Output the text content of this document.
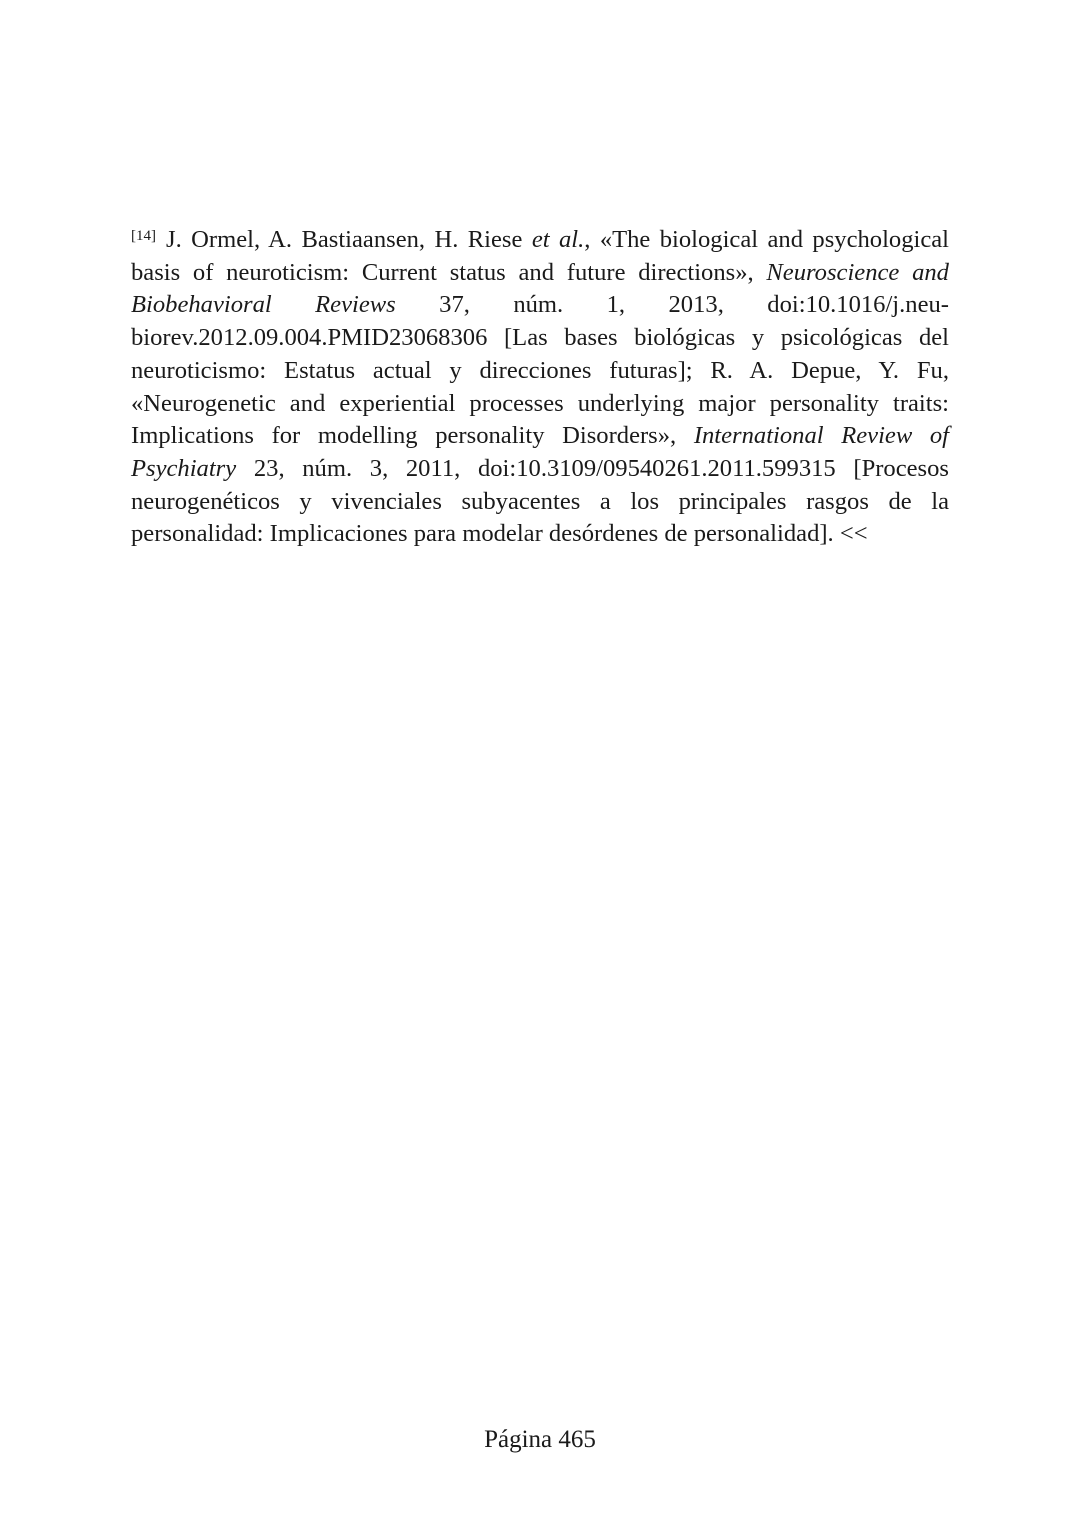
[14] J. Ormel, A. Bastiaansen, H. Riese et al., «The biological and psychological basis of neuroticism: Current status and future directions», Neuroscience and Biobehavioral Reviews 37, núm. 1, 2013, doi:10.1016/j.neubiorev.2012.09.004.PMID23068306 [Las bases biológicas y psicológicas del neuroticismo: Estatus actual y direcciones futuras]; R. A. Depue, Y. Fu, «Neurogenetic and experiential processes underlying major personality traits: Implications for modelling personality Disorders», International Review of Psychiatry 23, núm. 3, 2011, doi:10.3109/09540261.2011.599315 [Procesos neurogenéticos y vivenciales subyacentes a los principales rasgos de la personalidad: Implicaciones para modelar desórdenes de personalidad]. <<

Página 465
